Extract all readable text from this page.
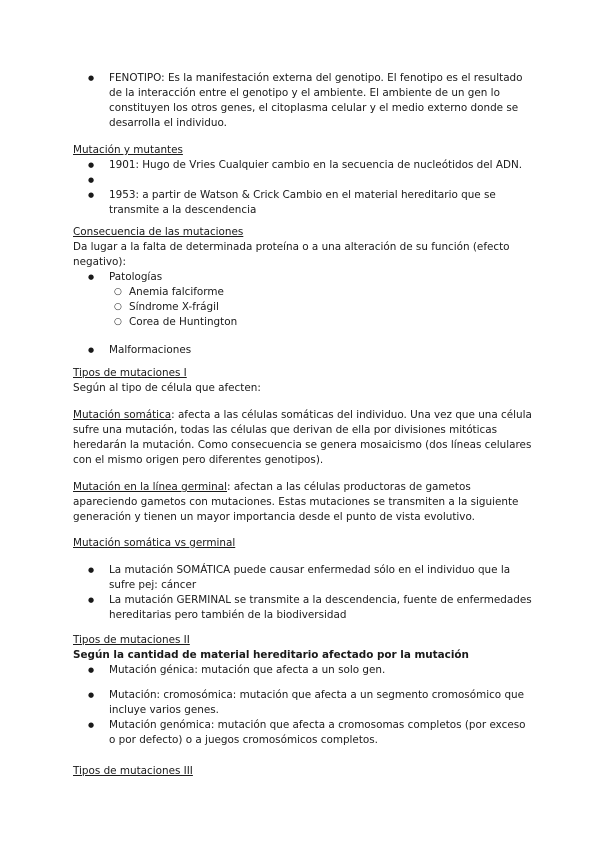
● FENOTIPO: Es la manifestación externa del genotipo. El fenotipo es el resultado de la interacción entre el genotipo y el ambiente. El ambiente de un gen lo constituyen los otros genes, el citoplasma celular y el medio externo donde se desarrolla el individuo.
Mutación y mutantes
● 1901: Hugo de Vries Cualquier cambio en la secuencia de nucleótidos del ADN.
●
● 1953: a partir de Watson & Crick Cambio en el material hereditario que se transmite a la descendencia
Consecuencia de las mutaciones
Da lugar a la falta de determinada proteína o a una alteración de su función (efecto negativo):
● Patologías
○ Anemia falciforme
○ Síndrome X-frágil
○ Corea de Huntington
● Malformaciones
Tipos de mutaciones I
Según al tipo de célula que afecten:
Mutación somática: afecta a las células somáticas del individuo. Una vez que una célula sufre una mutación, todas las células que derivan de ella por divisiones mitóticas heredarán la mutación. Como consecuencia se genera mosaicismo (dos líneas celulares con el mismo origen pero diferentes genotipos).
Mutación en la línea germinal: afectan a las células productoras de gametos apareciendo gametos con mutaciones. Estas mutaciones se transmiten a la siguiente generación y tienen un mayor importancia desde el punto de vista evolutivo.
Mutación somática vs germinal
● La mutación SOMÁTICA puede causar enfermedad sólo en el individuo que la sufre pej: cáncer
● La mutación GERMINAL se transmite a la descendencia, fuente de enfermedades hereditarias pero también de la biodiversidad
Tipos de mutaciones II
Según la cantidad de material hereditario afectado por la mutación
● Mutación génica: mutación que afecta a un solo gen.
● Mutación: cromosómica: mutación que afecta a un segmento cromosómico que incluye varios genes.
● Mutación genómica: mutación que afecta a cromosomas completos (por exceso o por defecto) o a juegos cromosómicos completos.
Tipos de mutaciones III
